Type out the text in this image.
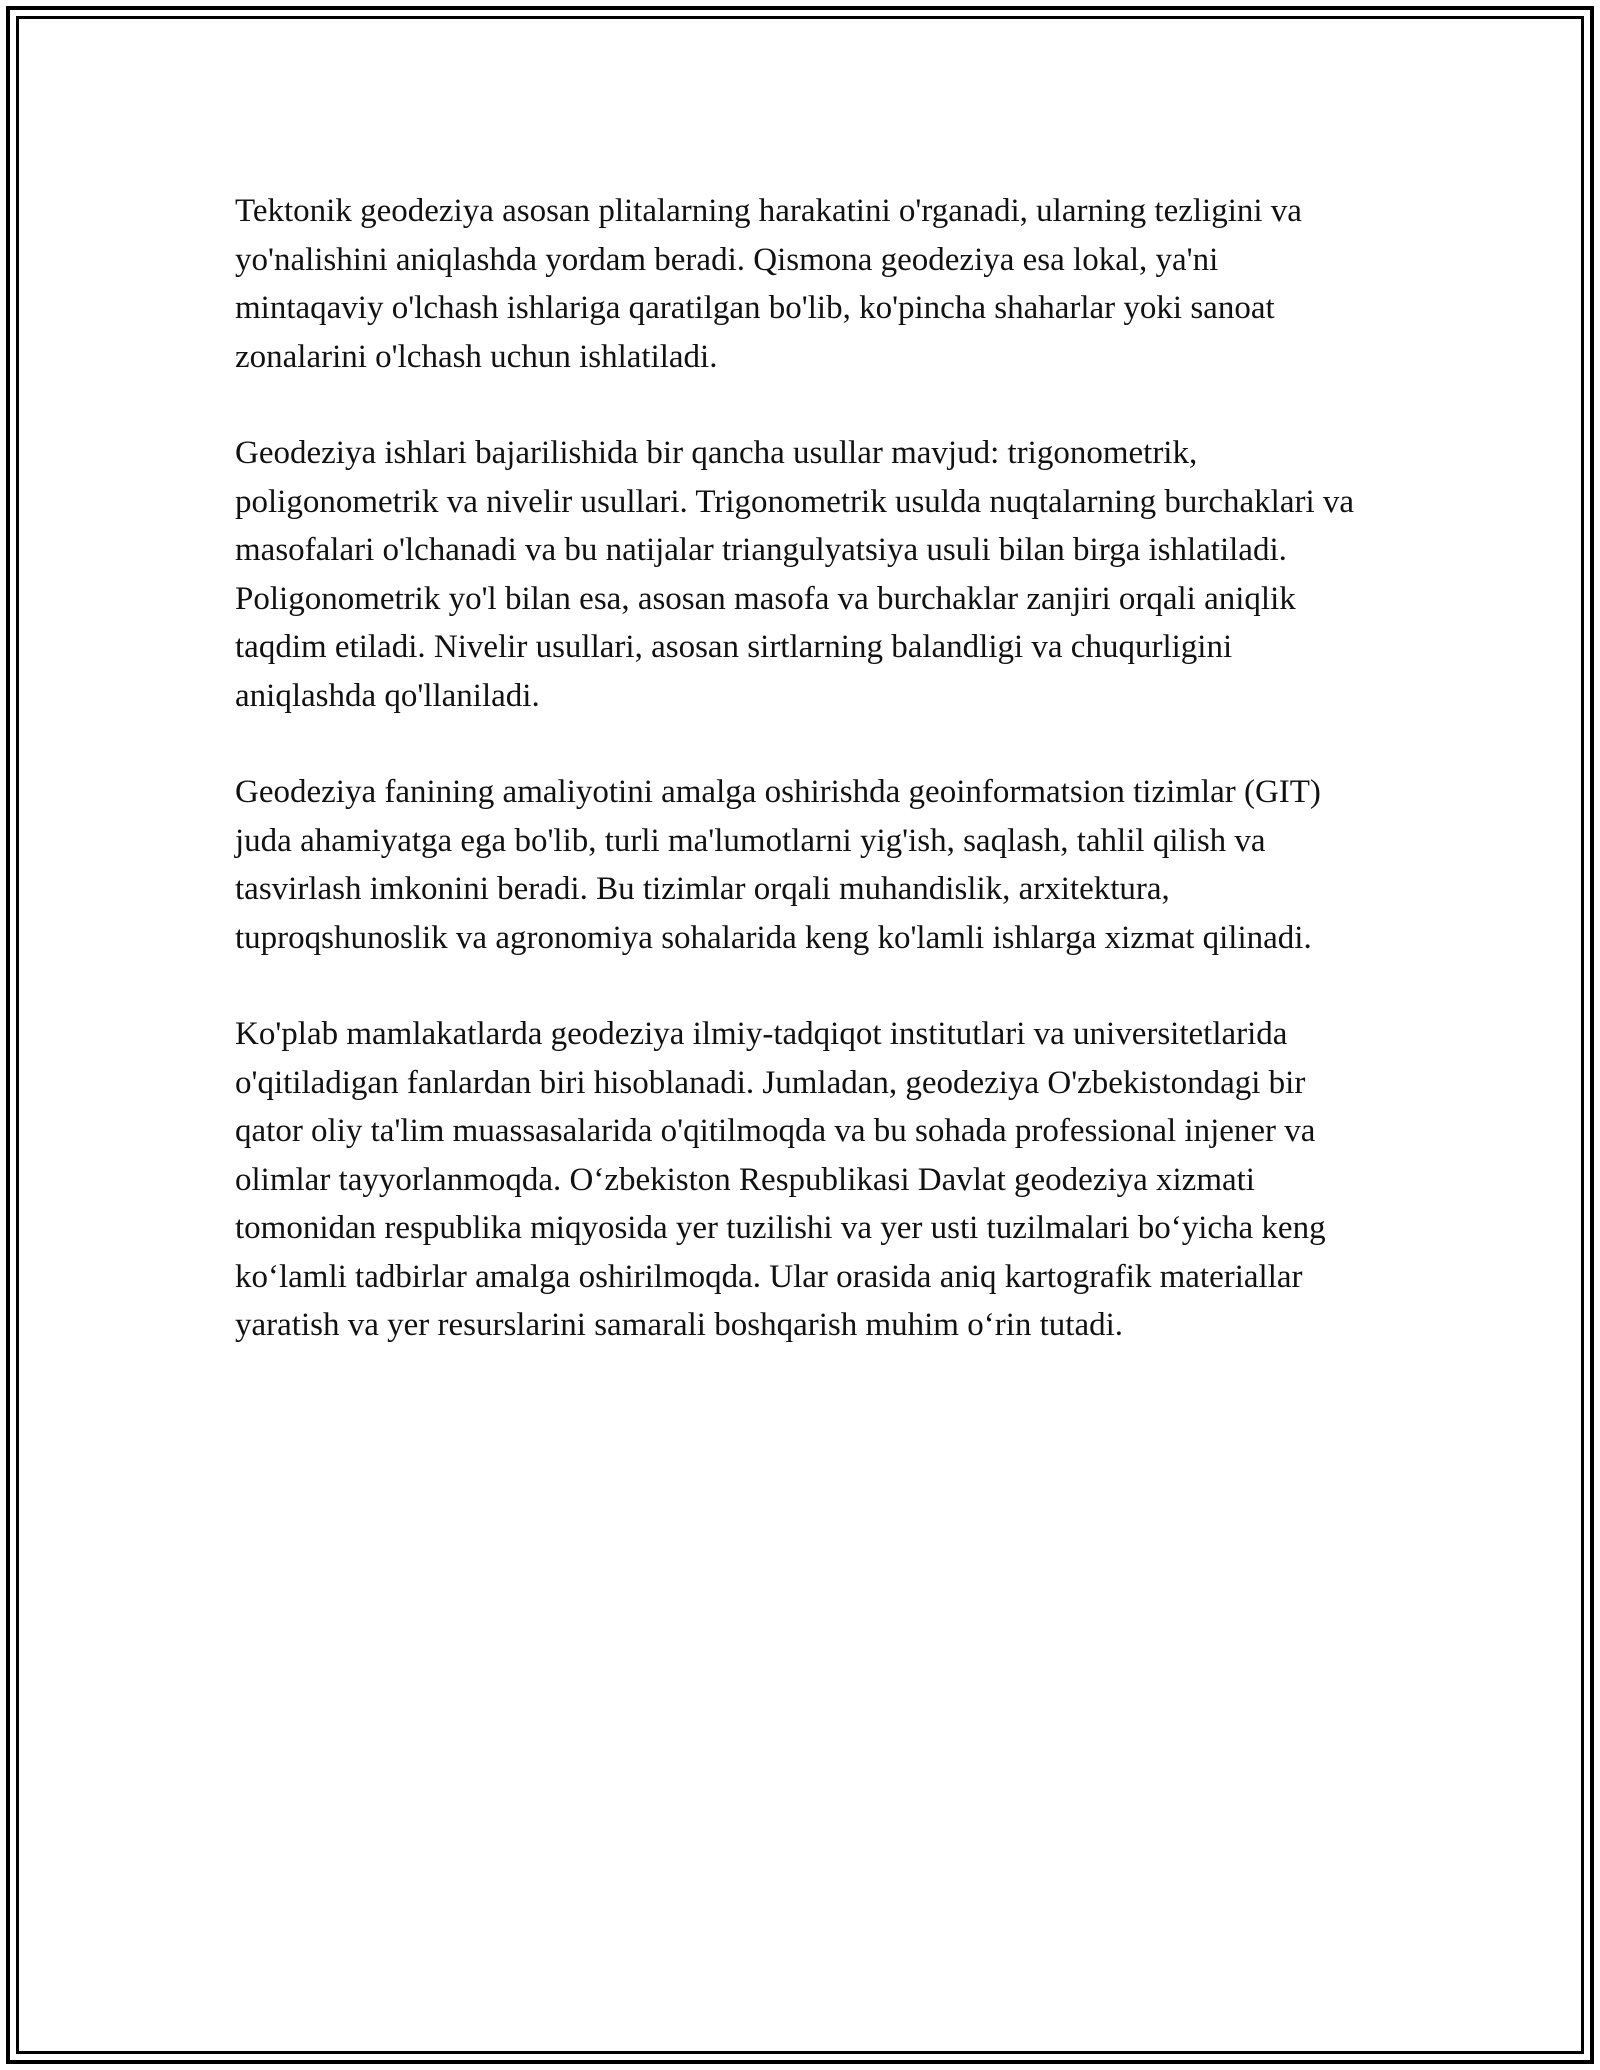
Tektonik geodeziya asosan plitalarning harakatini o'rganadi, ularning tezligini va yo'nalishini aniqlashda yordam beradi. Qismona geodeziya esa lokal, ya'ni mintaqaviy o'lchash ishlariga qaratilgan bo'lib, ko'pincha shaharlar yoki sanoat zonalarini o'lchash uchun ishlatiladi.

Geodeziya ishlari bajarilishida bir qancha usullar mavjud: trigonometrik, poligonometrik va nivelir usullari. Trigonometrik usulda nuqtalarning burchaklari va masofalari o'lchanadi va bu natijalar triangulyatsiya usuli bilan birga ishlatiladi. Poligonometrik yo'l bilan esa, asosan masofa va burchaklar zanjiri orqali aniqlik taqdim etiladi. Nivelir usullari, asosan sirtlarning balandligi va chuqurligini aniqlashda qo'llaniladi.

Geodeziya fanining amaliyotini amalga oshirishda geoinformatsion tizimlar (GIT) juda ahamiyatga ega bo'lib, turli ma'lumotlarni yig'ish, saqlash, tahlil qilish va tasvirlash imkonini beradi. Bu tizimlar orqali muhandislik, arxitektura, tuproqshunoslik va agronomiya sohalarida keng ko'lamli ishlarga xizmat qilinadi.

Ko'plab mamlakatlarda geodeziya ilmiy-tadqiqot institutlari va universitetlarida o'qitiladigan fanlardan biri hisoblanadi. Jumladan, geodeziya O'zbekistondagi bir qator oliy ta'lim muassasalarida o'qitilmoqda va bu sohada professional injener va olimlar tayyorlanmoqda. O‘zbekiston Respublikasi Davlat geodeziya xizmati tomonidan respublika miqyosida yer tuzilishi va yer usti tuzilmalari bo‘yicha keng ko‘lamli tadbirlar amalga oshirilmoqda. Ular orasida aniq kartografik materiallar yaratish va yer resurslarini samarali boshqarish muhim o‘rin tutadi.
